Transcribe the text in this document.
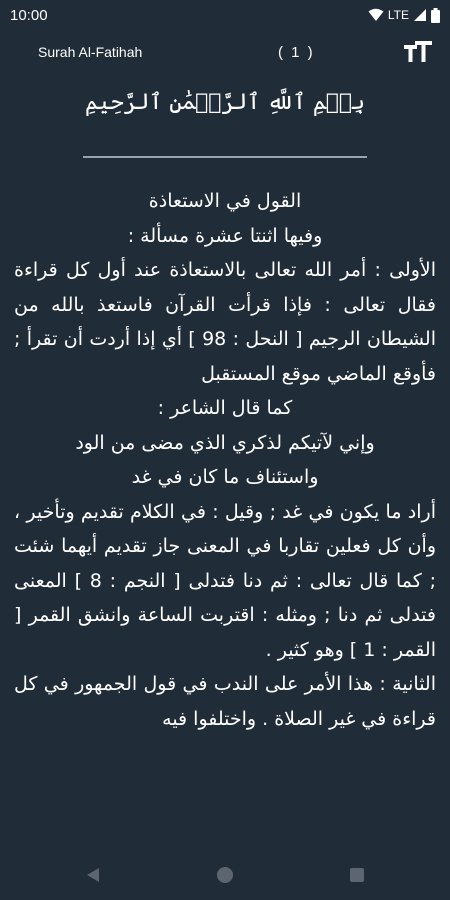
10:00	LTE
Surah Al-Fatihah	( 1 )
بِسۡمِ ٱللَّهِ ٱلرَّحۡمَٰنِ ٱلرَّحِيمِ

القول في الاستعاذة

وفيها اثنتا عشرة مسألة :

الأولى : أمر الله تعالى بالاستعاذة عند أول كل قراءة فقال تعالى : فإذا قرأت القرآن فاستعذ بالله من الشيطان الرجيم [ النحل : 98 ] أي إذا أردت أن تقرأ ; فأوقع الماضي موقع المستقبل

كما قال الشاعر :

وإني لآتيكم لذكري الذي مضى من الود

واستئناف ما كان في غد

أراد ما يكون في غد ; وقيل : في الكلام تقديم وتأخير ، وأن كل فعلين تقاربا في المعنى جاز تقديم أيهما شئت ; كما قال تعالى : ثم دنا فتدلى [ النجم : 8 ] المعنى فتدلى ثم دنا ; ومثله : اقتربت الساعة وانشق القمر [ القمر : 1 ] وهو كثير .

الثانية : هذا الأمر على الندب في قول الجمهور في كل قراءة في غير الصلاة . واختلفوا فيه
